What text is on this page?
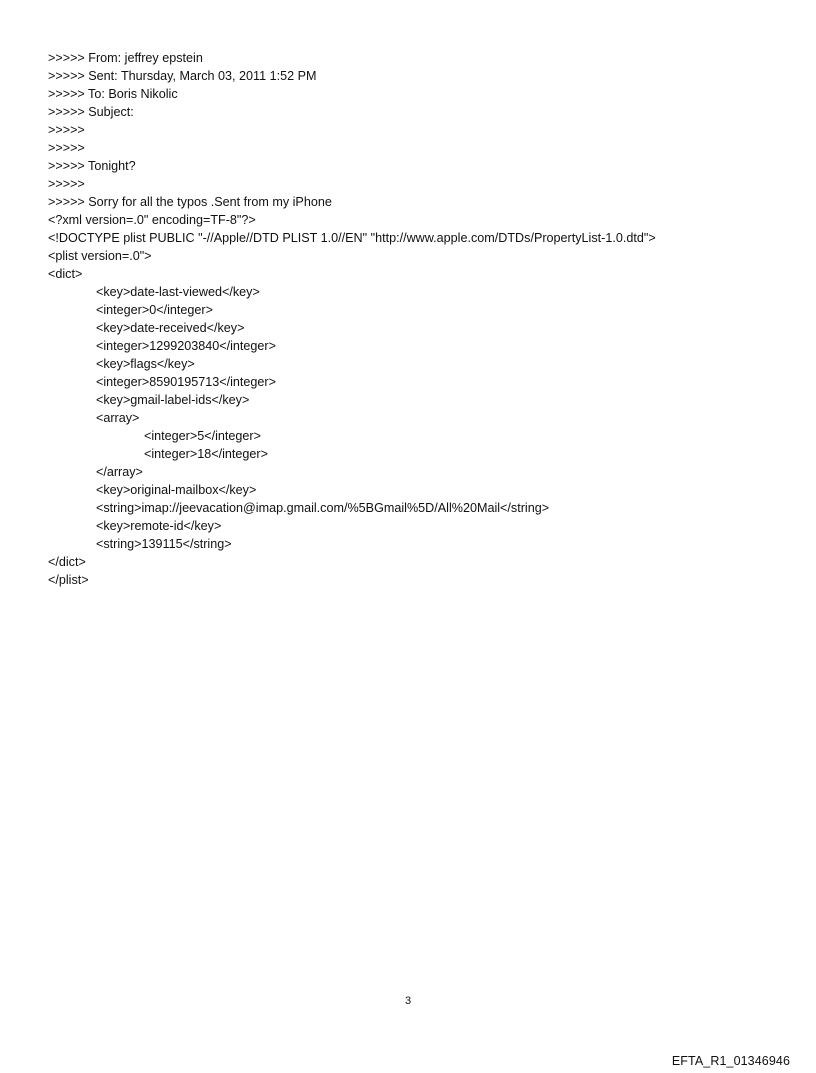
>>>>> From: jeffrey epstein
>>>>> Sent: Thursday, March 03, 2011 1:52 PM
>>>>> To: Boris Nikolic
>>>>> Subject:
>>>>>
>>>>>
>>>>> Tonight?
>>>>>
>>>>> Sorry for all the typos .Sent from my iPhone
<?xml version=.0" encoding=TF-8"?>
<!DOCTYPE plist PUBLIC "-//Apple//DTD PLIST 1.0//EN" "http://www.apple.com/DTDs/PropertyList-1.0.dtd">
<plist version=.0">
<dict>
<key>date-last-viewed</key>
<integer>0</integer>
<key>date-received</key>
<integer>1299203840</integer>
<key>flags</key>
<integer>8590195713</integer>
<key>gmail-label-ids</key>
<array>
<integer>5</integer>
<integer>18</integer>
</array>
<key>original-mailbox</key>
<string>imap://jeevacation@imap.gmail.com/%5BGmail%5D/All%20Mail</string>
<key>remote-id</key>
<string>139115</string>
</dict>
</plist>
3
EFTA_R1_01346946
